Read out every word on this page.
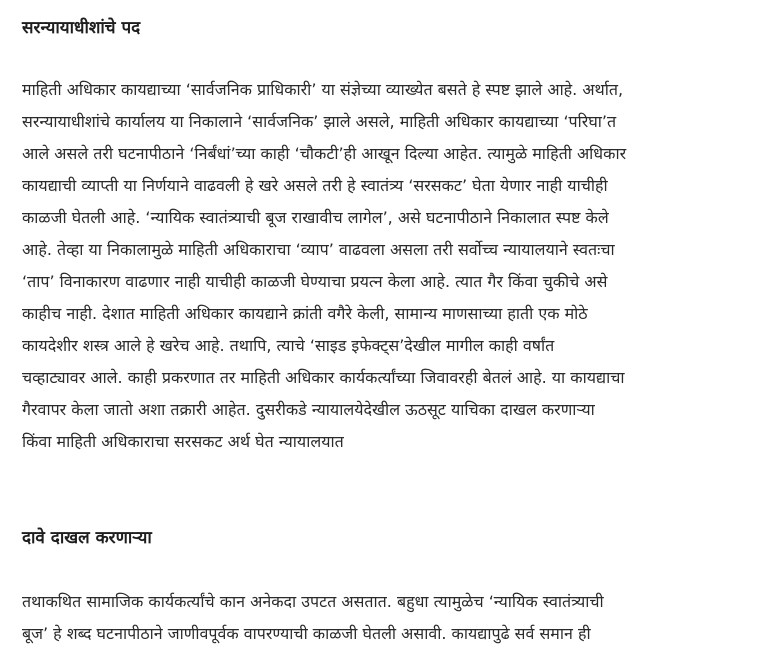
सरन्यायाधीशांचे पद
माहिती अधिकार कायद्याच्या ‘सार्वजनिक प्राधिकारी’ या संज्ञेच्या व्याख्येत बसते हे स्पष्ट झाले आहे. अर्थात,
सरन्यायाधीशांचे कार्यालय या निकालाने ‘सार्वजनिक’ झाले असले, माहिती अधिकार कायद्याच्या ‘परिघा’त
आले असले तरी घटनापीठाने ‘निर्बंधां’च्या काही ‘चौकटी’ही आखून दिल्या आहेत. त्यामुळे माहिती अधिकार
कायद्याची व्याप्ती या निर्णयाने वाढवली हे खरे असले तरी हे स्वातंत्र्य ‘सरसकट’ घेता येणार नाही याचीही
काळजी घेतली आहे. ‘न्यायिक स्वातंत्र्याची बूज राखावीच लागेल’, असे घटनापीठाने निकालात स्पष्ट केले
आहे. तेव्हा या निकालामुळे माहिती अधिकाराचा ‘व्याप’ वाढवला असला तरी सर्वोच्च न्यायालयाने स्वतःचा
‘ताप’ विनाकारण वाढणार नाही याचीही काळजी घेण्याचा प्रयत्न केला आहे. त्यात गैर किंवा चुकीचे असे
काहीच नाही. देशात माहिती अधिकार कायद्याने क्रांती वगैरे केली, सामान्य माणसाच्या हाती एक मोठे
कायदेशीर शस्त्र आले हे खरेच आहे. तथापि, त्याचे ‘साइड इफेक्ट्स’देखील मागील काही वर्षांत
चव्हाट्यावर आले. काही प्रकरणात तर माहिती अधिकार कार्यकर्त्यांच्या जिवावरही बेतलं आहे. या कायद्याचा
गैरवापर केला जातो अशा तक्रारी आहेत. दुसरीकडे न्यायालयेदेखील ऊठसूट याचिका दाखल करणाऱ्या
किंवा माहिती अधिकाराचा सरसकट अर्थ घेत न्यायालयात
दावे दाखल करणाऱ्या
तथाकथित सामाजिक कार्यकर्त्यांचे कान अनेकदा उपटत असतात. बहुधा त्यामुळेच ‘न्यायिक स्वातंत्र्याची
बूज’ हे शब्द घटनापीठाने जाणीवपूर्वक वापरण्याची काळजी घेतली असावी. कायद्यापुढे सर्व समान ही
